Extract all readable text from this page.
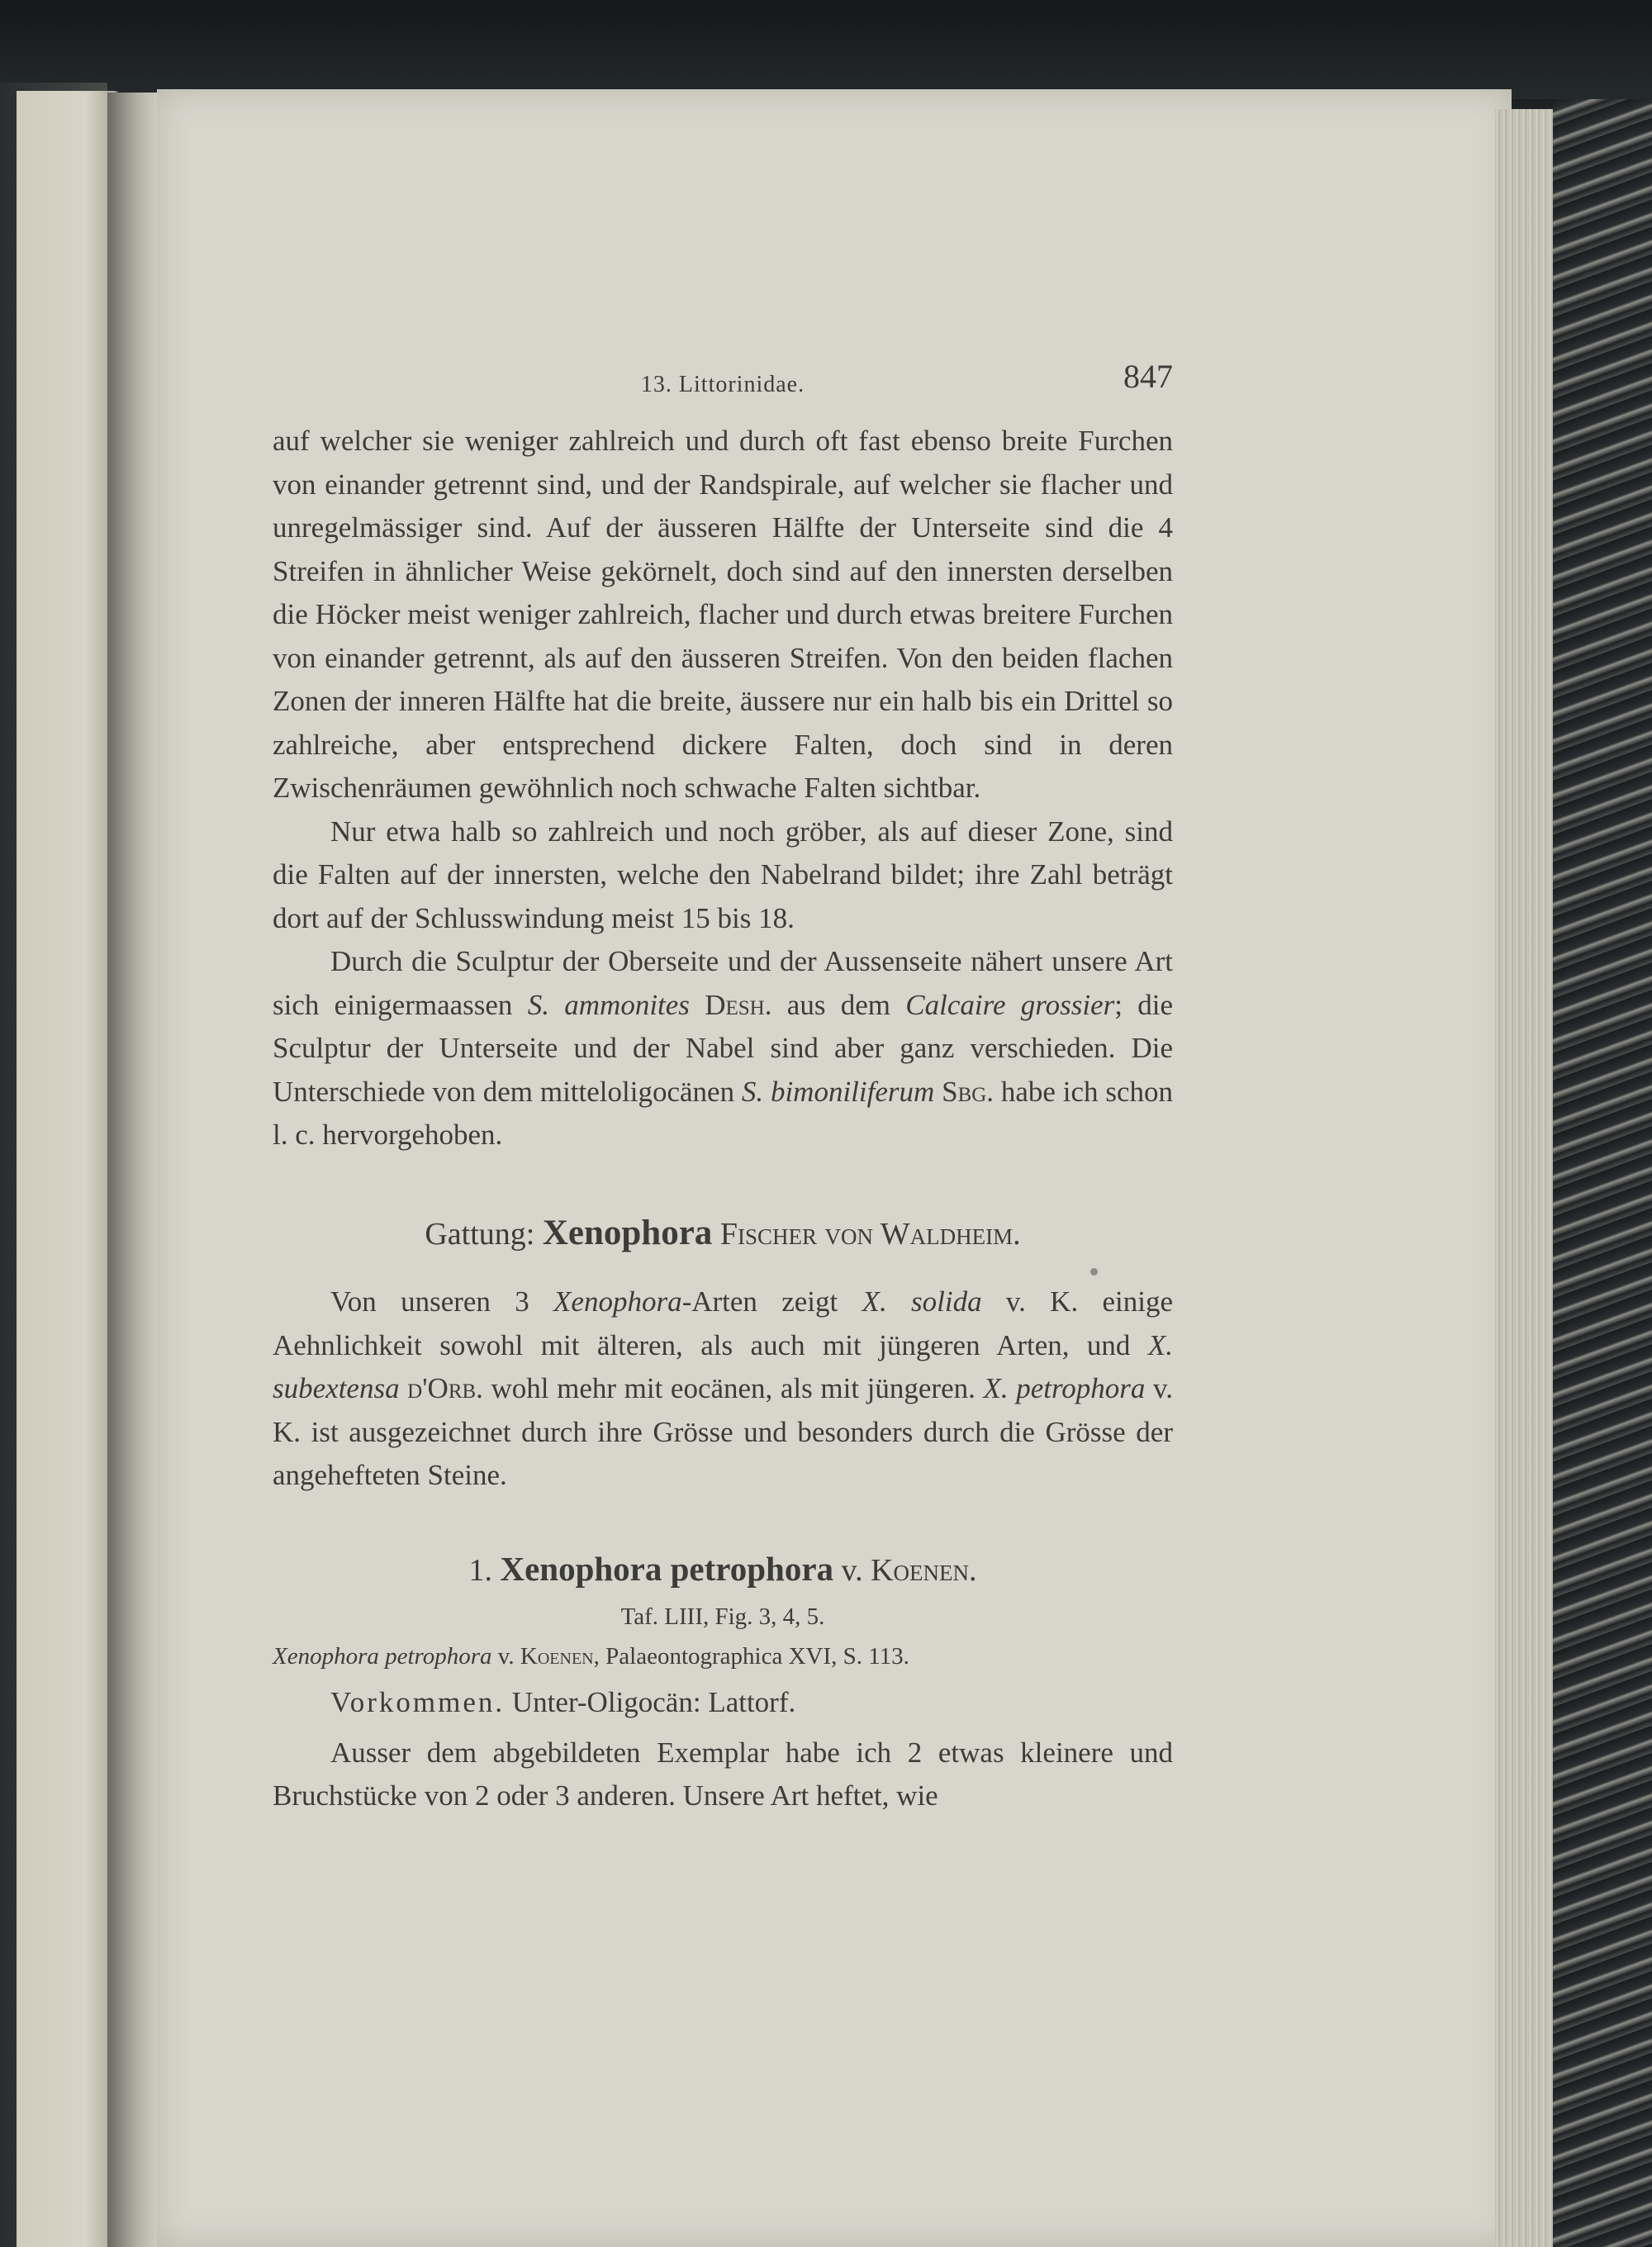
13. Littorinidae.	847

auf welcher sie weniger zahlreich und durch oft fast ebenso breite Furchen von einander getrennt sind, und der Randspirale, auf welcher sie flacher und unregelmässiger sind. Auf der äusseren Hälfte der Unterseite sind die 4 Streifen in ähnlicher Weise gekörnelt, doch sind auf den innersten derselben die Höcker meist weniger zahlreich, flacher und durch etwas breitere Furchen von einander getrennt, als auf den äusseren Streifen. Von den beiden flachen Zonen der inneren Hälfte hat die breite, äussere nur ein halb bis ein Drittel so zahlreiche, aber entsprechend dickere Falten, doch sind in deren Zwischenräumen gewöhnlich noch schwache Falten sichtbar.

Nur etwa halb so zahlreich und noch gröber, als auf dieser Zone, sind die Falten auf der innersten, welche den Nabelrand bildet; ihre Zahl beträgt dort auf der Schlusswindung meist 15 bis 18.

Durch die Sculptur der Oberseite und der Aussenseite nähert unsere Art sich einigermaassen S. ammonites Desh. aus dem Calcaire grossier; die Sculptur der Unterseite und der Nabel sind aber ganz verschieden. Die Unterschiede von dem mitteloligocänen S. bimoniliferum Sbg. habe ich schon l. c. hervorgehoben.

Gattung: Xenophora Fischer von Waldheim.

Von unseren 3 Xenophora-Arten zeigt X. solida v. K. einige Aehnlichkeit sowohl mit älteren, als auch mit jüngeren Arten, und X. subextensa d'Orb. wohl mehr mit eocänen, als mit jüngeren. X. petrophora v. K. ist ausgezeichnet durch ihre Grösse und besonders durch die Grösse der angehefteten Steine.

1. Xenophora petrophora v. Koenen.
Taf. LIII, Fig. 3, 4, 5.
Xenophora petrophora v. Koenen, Palaeontographica XVI, S. 113.

Vorkommen. Unter-Oligocän: Lattorf.

Ausser dem abgebildeten Exemplar habe ich 2 etwas kleinere und Bruchstücke von 2 oder 3 anderen. Unsere Art heftet, wie
